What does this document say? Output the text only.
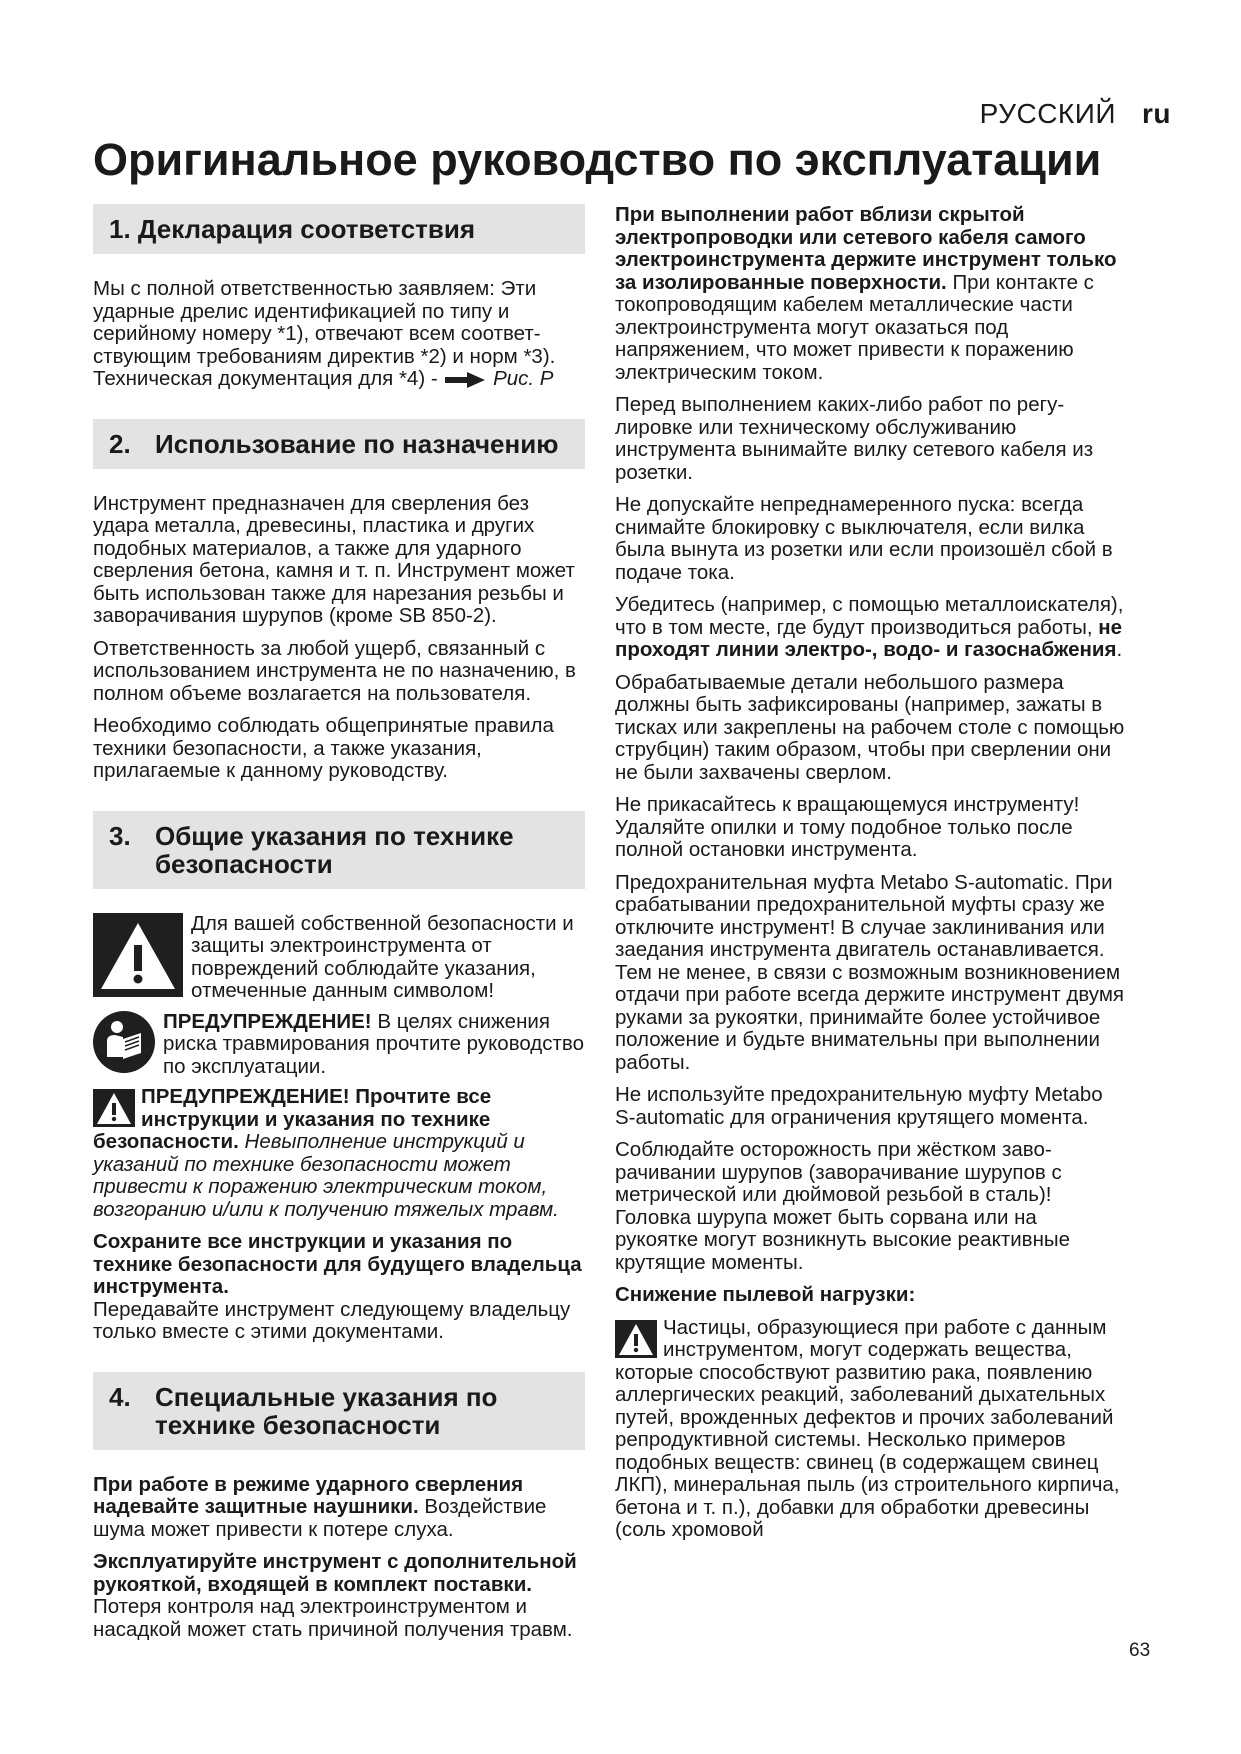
РУССКИЙ ru
Оригинальное руководство по эксплуатации
1. Декларация соответствия

Мы с полной ответственностью заявляем: Эти ударные дрелис идентификацией по типу и серийному номеру *1), отвечают всем соответствующим требованиям директив *2) и норм *3). Техническая документация для *4) -	Рис. Р

2. Использование по назначению

Инструмент предназначен для сверления без удара металла, древесины, пластика и других подобных материалов, а также для ударного сверления бетона, камня и т. п. Инструмент может быть использован также для нарезания резьбы и заворачивания шурупов (кроме SB 850-2).

Ответственность за любой ущерб, связанный с использованием инструмента не по назначению, в полном объеме возлагается на пользователя.

Необходимо соблюдать общепринятые правила техники безопасности, а также указания, прилагаемые к данному руководству.

3. Общие указания по технике безопасности
Для вашей собственной безопасности и защиты электроинструмента от повреждений соблюдайте указания, отмеченные данным символом!
ПРЕДУПРЕЖДЕНИЕ! В целях снижения риска травмирования прочтите руководство по эксплуатации.

ПРЕДУПРЕЖДЕНИЕ! Прочтите все инструкции и указания по технике безопасности. Невыполнение инструкций и указаний по технике безопасности может привести к поражению электрическим током, возгоранию и/или к получению тяжелых травм.

Сохраните все инструкции и указания по технике безопасности для будущего владельца инструмента.
Передавайте инструмент следующему владельцу только вместе с этими документами.

4. Специальные указания по технике безопасности

При работе в режиме ударного сверления надевайте защитные наушники. Воздействие шума может привести к потере слуха.

Эксплуатируйте инструмент с дополнительной рукояткой, входящей в комплект поставки. Потеря контроля над электроинструментом и насадкой может стать причиной получения травм.

При выполнении работ вблизи скрытой электропроводки или сетевого кабеля самого электроинструмента держите инструмент только за изолированные поверхности. При контакте с токопроводящим кабелем металлические части электроинструмента могут оказаться под напряжением, что может привести к поражению электрическим током.

Перед выполнением каких-либо работ по регулировке или техническому обслуживанию инструмента вынимайте вилку сетевого кабеля из розетки.

Не допускайте непреднамеренного пуска: всегда снимайте блокировку с выключателя, если вилка была вынута из розетки или если произошёл сбой в подаче тока.

Убедитесь (например, с помощью металлоискателя), что в том месте, где будут производиться работы, не проходят линии электро-, водо- и газоснабжения.

Обрабатываемые детали небольшого размера должны быть зафиксированы (например, зажаты в тисках или закреплены на рабочем столе с помощью струбцин) таким образом, чтобы при сверлении они не были захвачены сверлом.

Не прикасайтесь к вращающемуся инструменту! Удаляйте опилки и тому подобное только после полной остановки инструмента.

Предохранительная муфта Metabo S-automatic. При срабатывании предохранительной муфты сразу же отключите инструмент! В случае заклинивания или заедания инструмента двигатель останавливается. Тем не менее, в связи с возможным возникновением отдачи при работе всегда держите инструмент двумя руками за рукоятки, принимайте более устойчивое положение и будьте внимательны при выполнении работы.

Не используйте предохранительную муфту Metabo S-automatic для ограничения крутящего момента.

Соблюдайте осторожность при жёстком заворачивании шурупов (заворачивание шурупов с метрической или дюймовой резьбой в сталь)! Головка шурупа может быть сорвана или на рукоятке могут возникнуть высокие реактивные крутящие моменты.

Снижение пылевой нагрузки:

Частицы, образующиеся при работе с данным инструментом, могут содержать вещества, которые способствуют развитию рака, появлению аллергических реакций, заболеваний дыхательных путей, врожденных дефектов и прочих заболеваний репродуктивной системы. Несколько примеров подобных веществ: свинец (в содержащем свинец ЛКП), минеральная пыль (из строительного кирпича, бетона и т. п.), добавки для обработки древесины (соль хромовой

63
